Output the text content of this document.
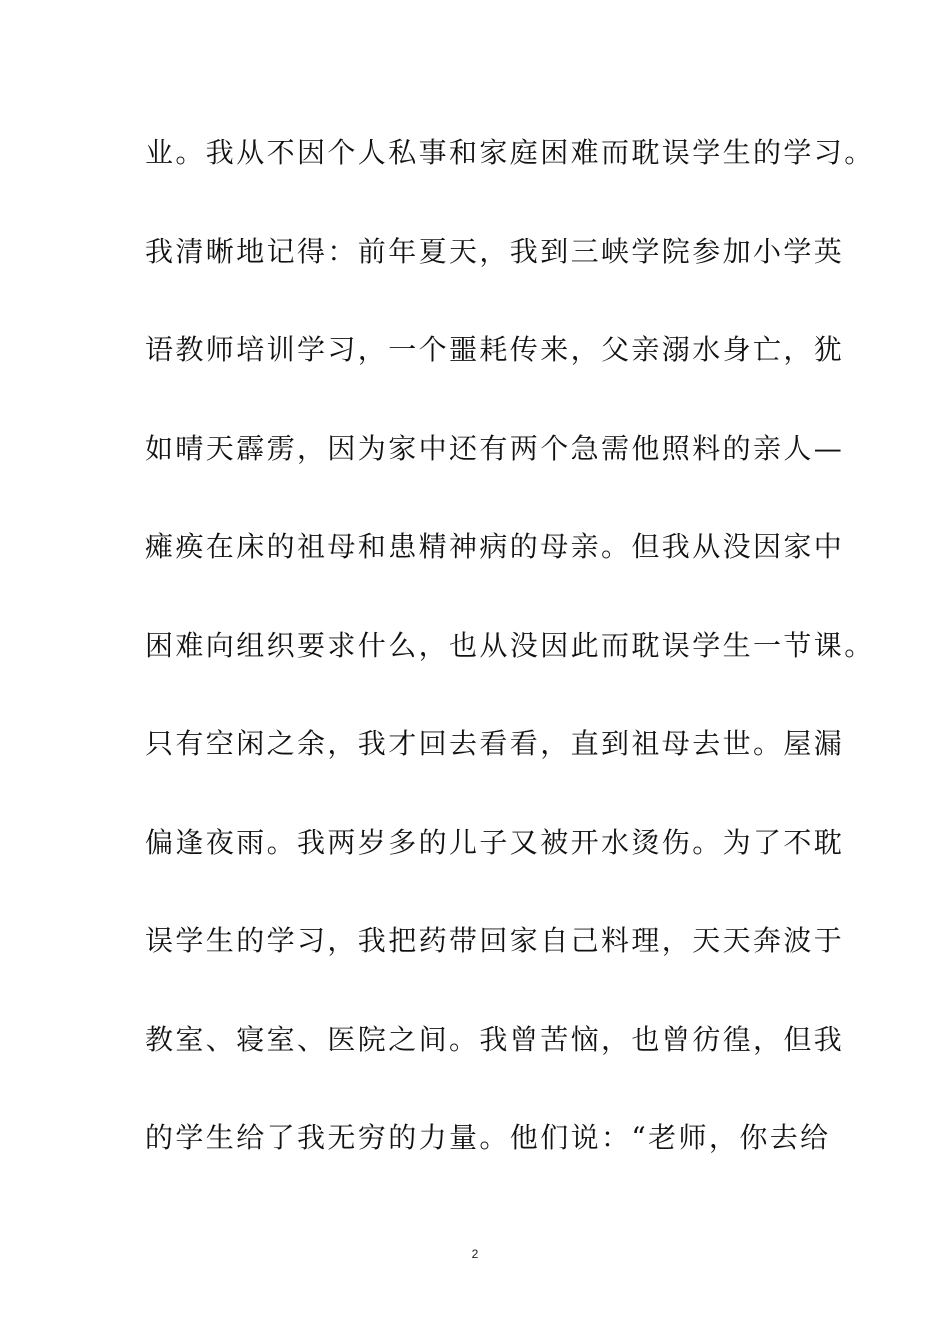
业。我从不因个人私事和家庭困难而耽误学生的学习。
我清晰地记得：前年夏天，我到三峡学院参加小学英
语教师培训学习，一个噩耗传来，父亲溺水身亡，犹
如晴天霹雳，因为家中还有两个急需他照料的亲人—
瘫痪在床的祖母和患精神病的母亲。但我从没因家中
困难向组织要求什么，也从没因此而耽误学生一节课。
只有空闲之余，我才回去看看，直到祖母去世。屋漏
偏逢夜雨。我两岁多的儿子又被开水烫伤。为了不耽
误学生的学习，我把药带回家自己料理，天天奔波于
教室、寝室、医院之间。我曾苦恼，也曾彷徨，但我
的学生给了我无穷的力量。他们说：“老师，你去给
2
